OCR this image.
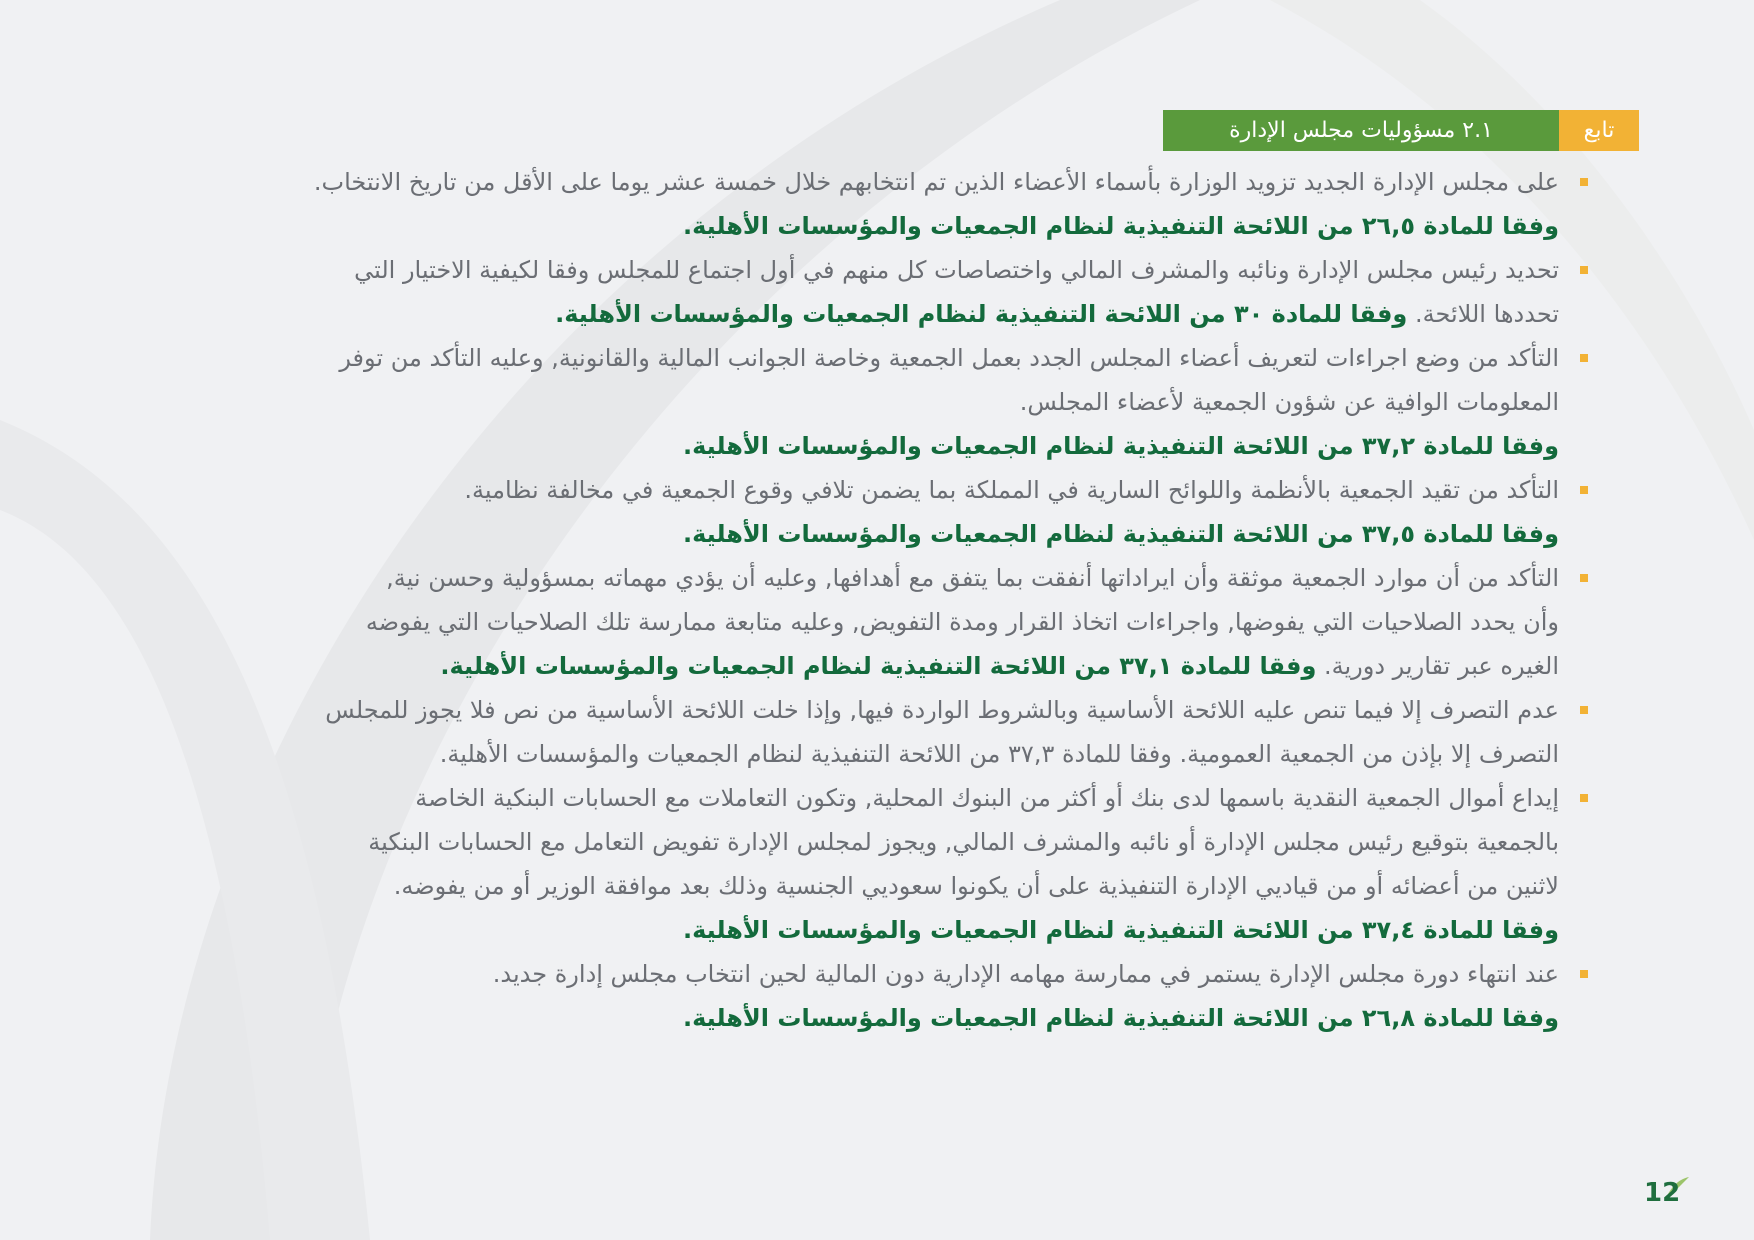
٢.١ مسؤوليات مجلس الإدارة	تابع
على مجلس الإدارة الجديد تزويد الوزارة بأسماء الأعضاء الذين تم انتخابهم خلال خمسة عشر يوما على الأقل من تاريخ الانتخاب.
وفقا للمادة ٢٦,٥ من اللائحة التنفيذية لنظام الجمعيات والمؤسسات الأهلية.
تحديد رئيس مجلس الإدارة ونائبه والمشرف المالي واختصاصات كل منهم في أول اجتماع للمجلس وفقا لكيفية الاختيار التي
تحددها اللائحة. وفقا للمادة ٣٠ من اللائحة التنفيذية لنظام الجمعيات والمؤسسات الأهلية.
التأكد من وضع اجراءات لتعريف أعضاء المجلس الجدد بعمل الجمعية وخاصة الجوانب المالية والقانونية, وعليه التأكد من توفر
المعلومات الوافية عن شؤون الجمعية لأعضاء المجلس.
وفقا للمادة ٣٧,٢ من اللائحة التنفيذية لنظام الجمعيات والمؤسسات الأهلية.
التأكد من تقيد الجمعية بالأنظمة واللوائح السارية في المملكة بما يضمن تلافي وقوع الجمعية في مخالفة نظامية.
وفقا للمادة ٣٧,٥ من اللائحة التنفيذية لنظام الجمعيات والمؤسسات الأهلية.
التأكد من أن موارد الجمعية موثقة وأن ايراداتها أنفقت بما يتفق مع أهدافها, وعليه أن يؤدي مهماته بمسؤولية وحسن نية,
وأن يحدد الصلاحيات التي يفوضها, واجراءات اتخاذ القرار ومدة التفويض, وعليه متابعة ممارسة تلك الصلاحيات التي يفوضه
الغيره عبر تقارير دورية. وفقا للمادة ٣٧,١ من اللائحة التنفيذية لنظام الجمعيات والمؤسسات الأهلية.
عدم التصرف إلا فيما تنص عليه اللائحة الأساسية وبالشروط الواردة فيها, وإذا خلت اللائحة الأساسية من نص فلا يجوز للمجلس
التصرف إلا بإذن من الجمعية العمومية. وفقا للمادة ٣٧,٣ من اللائحة التنفيذية لنظام الجمعيات والمؤسسات الأهلية.
إيداع أموال الجمعية النقدية باسمها لدى بنك أو أكثر من البنوك المحلية, وتكون التعاملات مع الحسابات البنكية الخاصة
بالجمعية بتوقيع رئيس مجلس الإدارة أو نائبه والمشرف المالي, ويجوز لمجلس الإدارة تفويض التعامل مع الحسابات البنكية
لاثنين من أعضائه أو من قياديي الإدارة التنفيذية على أن يكونوا سعوديي الجنسية وذلك بعد موافقة الوزير أو من يفوضه.
وفقا للمادة ٣٧,٤ من اللائحة التنفيذية لنظام الجمعيات والمؤسسات الأهلية.
عند انتهاء دورة مجلس الإدارة يستمر في ممارسة مهامه الإدارية دون المالية لحين انتخاب مجلس إدارة جديد.
وفقا للمادة ٢٦,٨ من اللائحة التنفيذية لنظام الجمعيات والمؤسسات الأهلية.
12
